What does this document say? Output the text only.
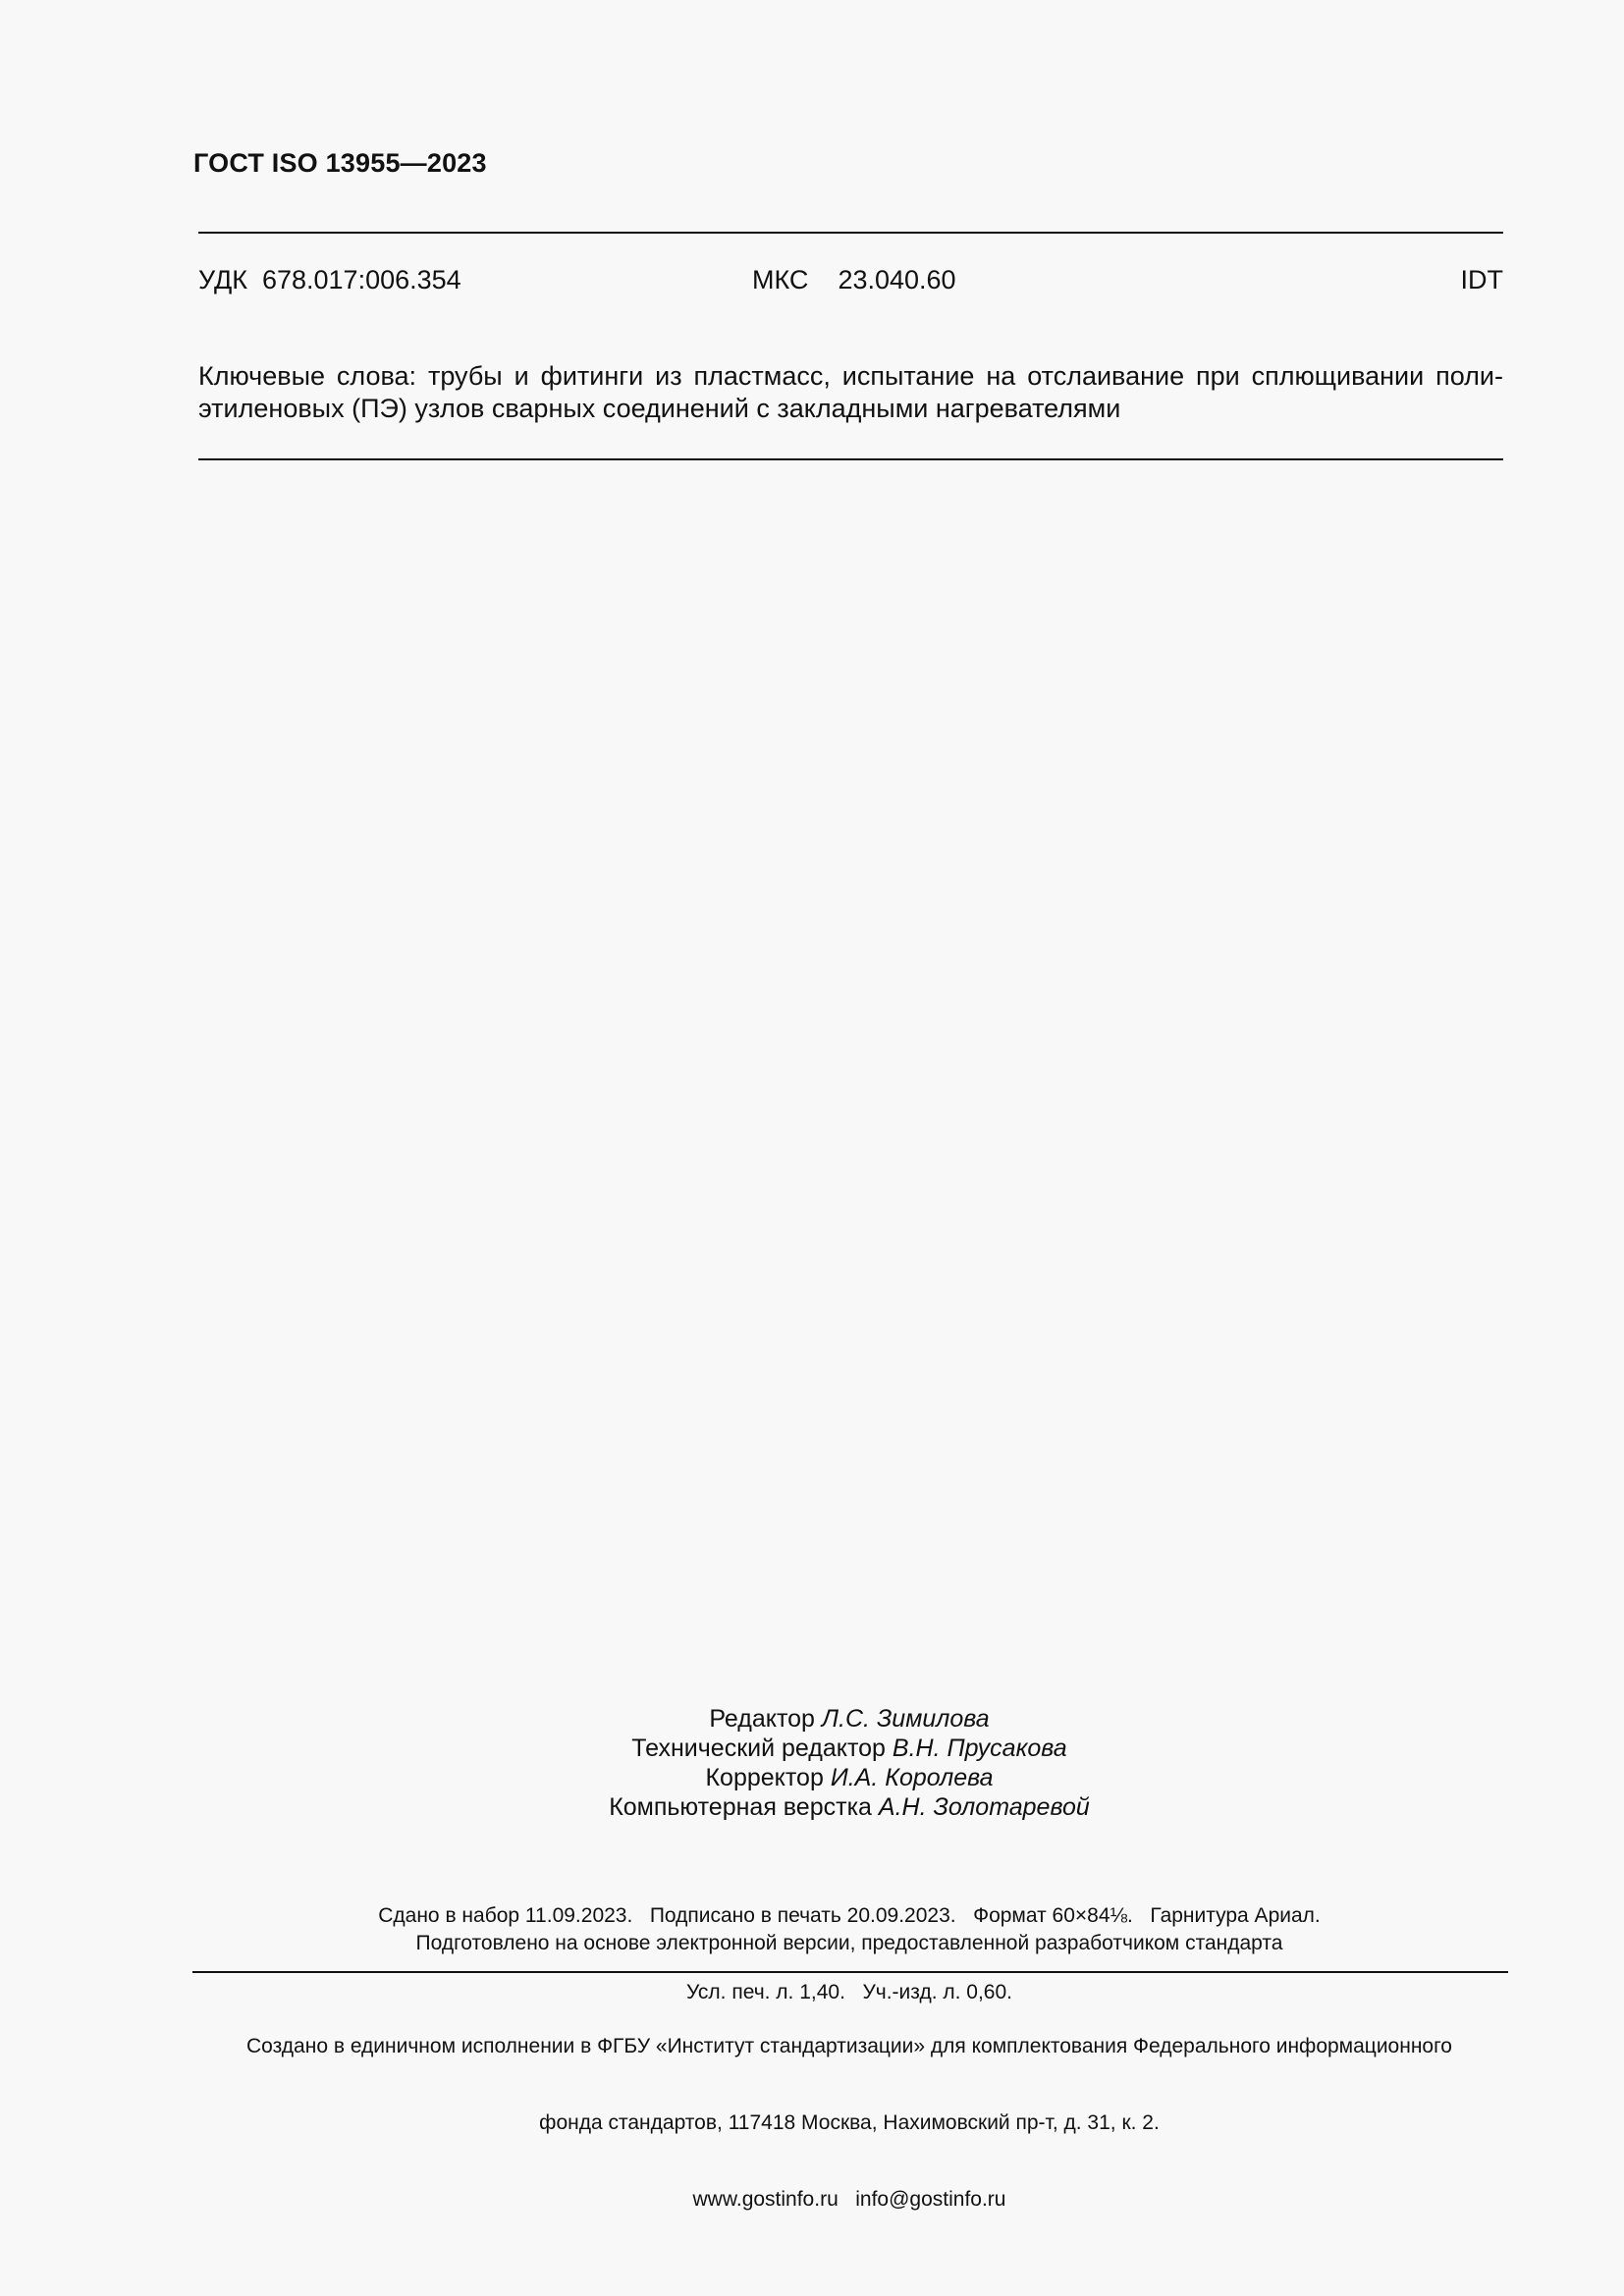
ГОСТ ISO 13955—2023
УДК 678.017:006.354	МКС 23.040.60	IDT
Ключевые слова: трубы и фитинги из пластмасс, испытание на отслаивание при сплющивании поли-
этиленовых (ПЭ) узлов сварных соединений с закладными нагревателями
Редактор Л.С. Зимилова
Технический редактор В.Н. Прусакова
Корректор И.А. Королева
Компьютерная верстка А.Н. Золотаревой

Сдано в набор 11.09.2023.   Подписано в печать 20.09.2023.   Формат 60×84⅛.   Гарнитура Ариал.

Усл. печ. л. 1,40.   Уч.-изд. л. 0,60.

Подготовлено на основе электронной версии, предоставленной разработчиком стандарта

Создано в единичном исполнении в ФГБУ «Институт стандартизации» для комплектования Федерального информационного

фонда стандартов, 117418 Москва, Нахимовский пр-т, д. 31, к. 2.

www.gostinfo.ru   info@gostinfo.ru
